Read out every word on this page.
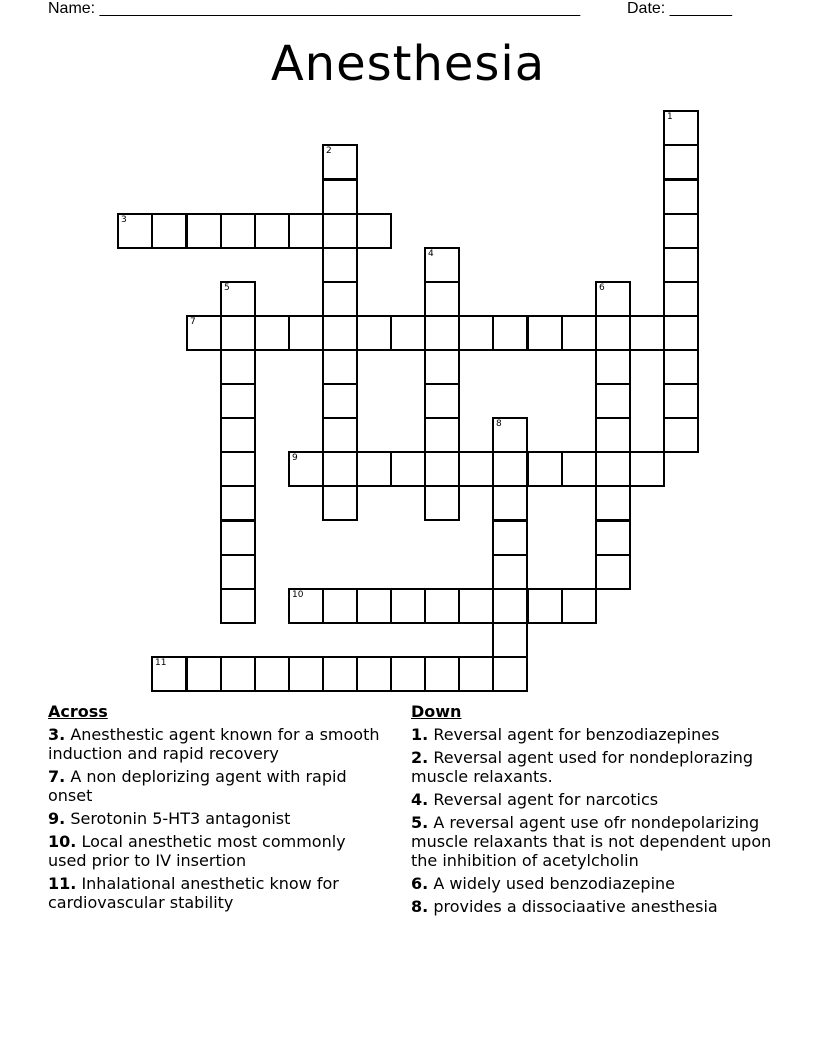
Name: ______________________________________________________	Date: _______
Anesthesia
1
2
3
4
5	6
7
8
9
10
11
Across
3. Anesthestic agent known for a smooth induction and rapid recovery
7. A non deplorizing agent with rapid onset
9. Serotonin 5-HT3 antagonist
10. Local anesthetic most commonly used prior to IV insertion
11. Inhalational anesthetic know for cardiovascular stability
Down
1. Reversal agent for benzodiazepines
2. Reversal agent used for nondeplorazing muscle relaxants.
4. Reversal agent for narcotics
5. A reversal agent use ofr nondepolarizing muscle relaxants that is not dependent upon the inhibition of acetylcholin
6. A widely used benzodiazepine
8. provides a dissociaative anesthesia
